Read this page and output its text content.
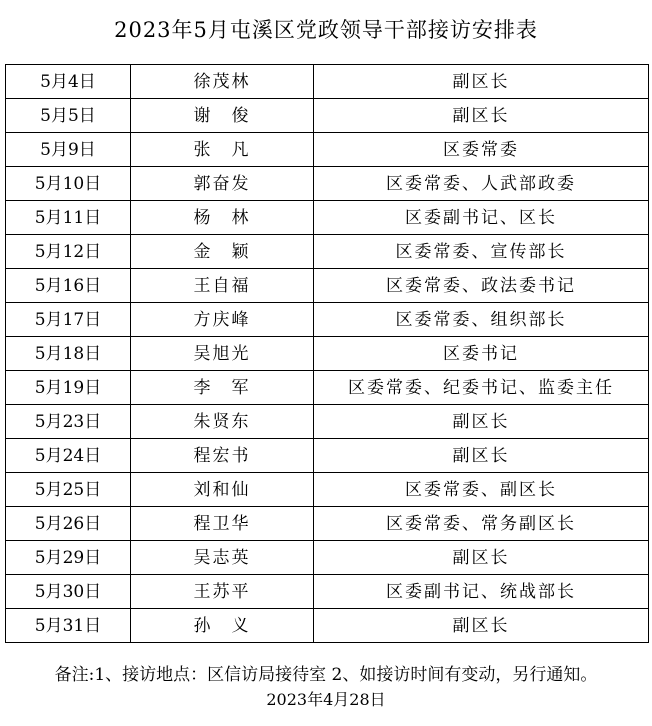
2023年5月屯溪区党政领导干部接访安排表
5月4日	徐茂林	副区长
5月5日	谢　俊	副区长
5月9日	张　凡	区委常委
5月10日	郭奋发	区委常委、人武部政委
5月11日	杨　林	区委副书记、区长
5月12日	金　颖	区委常委、宣传部长
5月16日	王自福	区委常委、政法委书记
5月17日	方庆峰	区委常委、组织部长
5月18日	吴旭光	区委书记
5月19日	李　军	区委常委、纪委书记、监委主任
5月23日	朱贤东	副区长
5月24日	程宏书	副区长
5月25日	刘和仙	区委常委、副区长
5月26日	程卫华	区委常委、常务副区长
5月29日	吴志英	副区长
5月30日	王苏平	区委副书记、统战部长
5月31日	孙　义	副区长
备注:1、接访地点：区信访局接待室 2、如接访时间有变动，另行通知。
2023年4月28日
